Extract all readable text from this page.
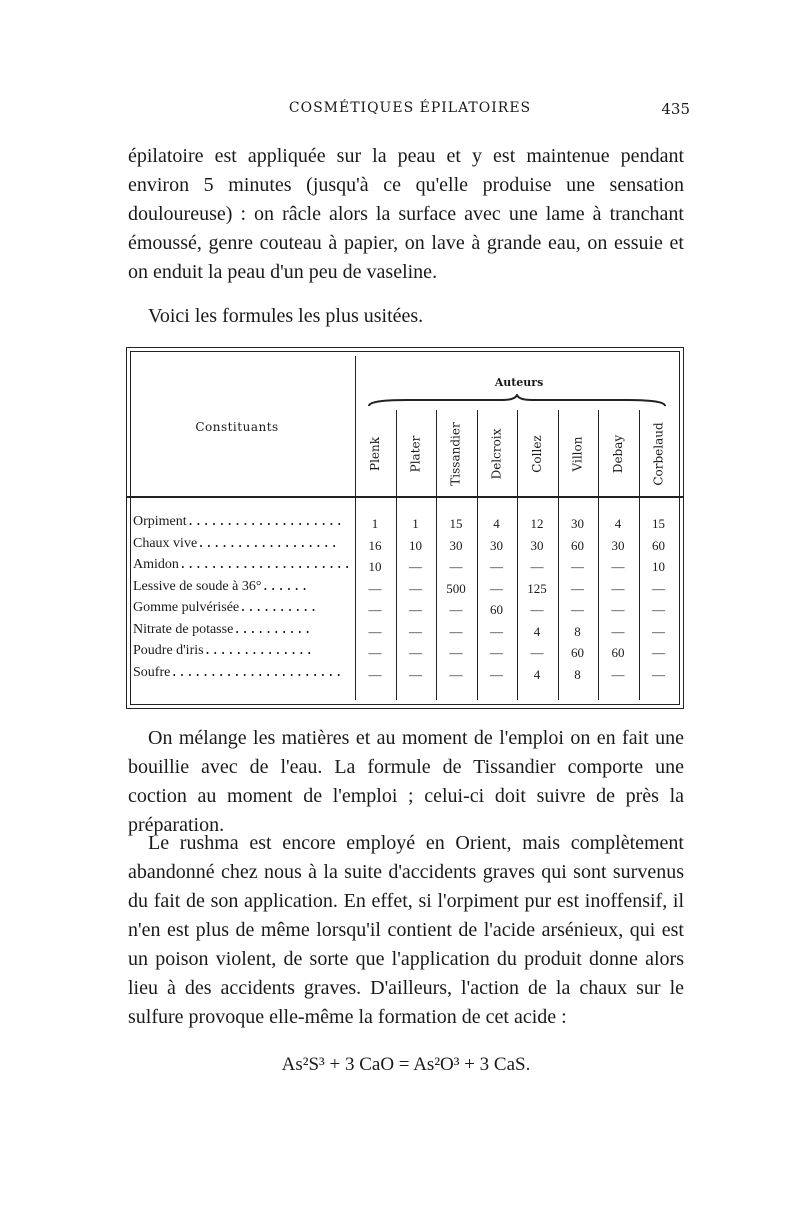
COSMÉTIQUES ÉPILATOIRES	435

épilatoire est appliquée sur la peau et y est maintenue pendant environ 5 minutes (jusqu'à ce qu'elle produise une sensation douloureuse) : on râcle alors la surface avec une lame à tranchant émoussé, genre couteau à papier, on lave à grande eau, on essuie et on enduit la peau d'un peu de vaseline.

Voici les formules les plus usitées.

Constituants
Auteurs
Plenk Plater Tissandier Delcroix Collez Villon Debay Corbelaud
Orpiment....................	1	1	15	4	12	30	4	15
Chaux vive..................	16	10	30	30	30	60	30	60
Amidon......................	10	—	—	—	—	—	—	10
Lessive de soude à 36°......	—	—	500	—	125	—	—	—
Gomme pulvérisée..........	—	—	—	60	—	—	—	—
Nitrate de potasse..........	—	—	—	—	4	8	—	—
Poudre d'iris..............	—	—	—	—	—	60	60	—
Soufre......................	—	—	—	—	4	8	—	—

On mélange les matières et au moment de l'emploi on en fait une bouillie avec de l'eau. La formule de Tissandier comporte une coction au moment de l'emploi ; celui-ci doit suivre de près la préparation.

Le rushma est encore employé en Orient, mais complètement abandonné chez nous à la suite d'accidents graves qui sont survenus du fait de son application. En effet, si l'orpiment pur est inoffensif, il n'en est plus de même lorsqu'il contient de l'acide arsénieux, qui est un poison violent, de sorte que l'application du produit donne alors lieu à des accidents graves. D'ailleurs, l'action de la chaux sur le sulfure provoque elle-même la formation de cet acide :

As²S³ + 3 CaO = As²O³ + 3 CaS.
